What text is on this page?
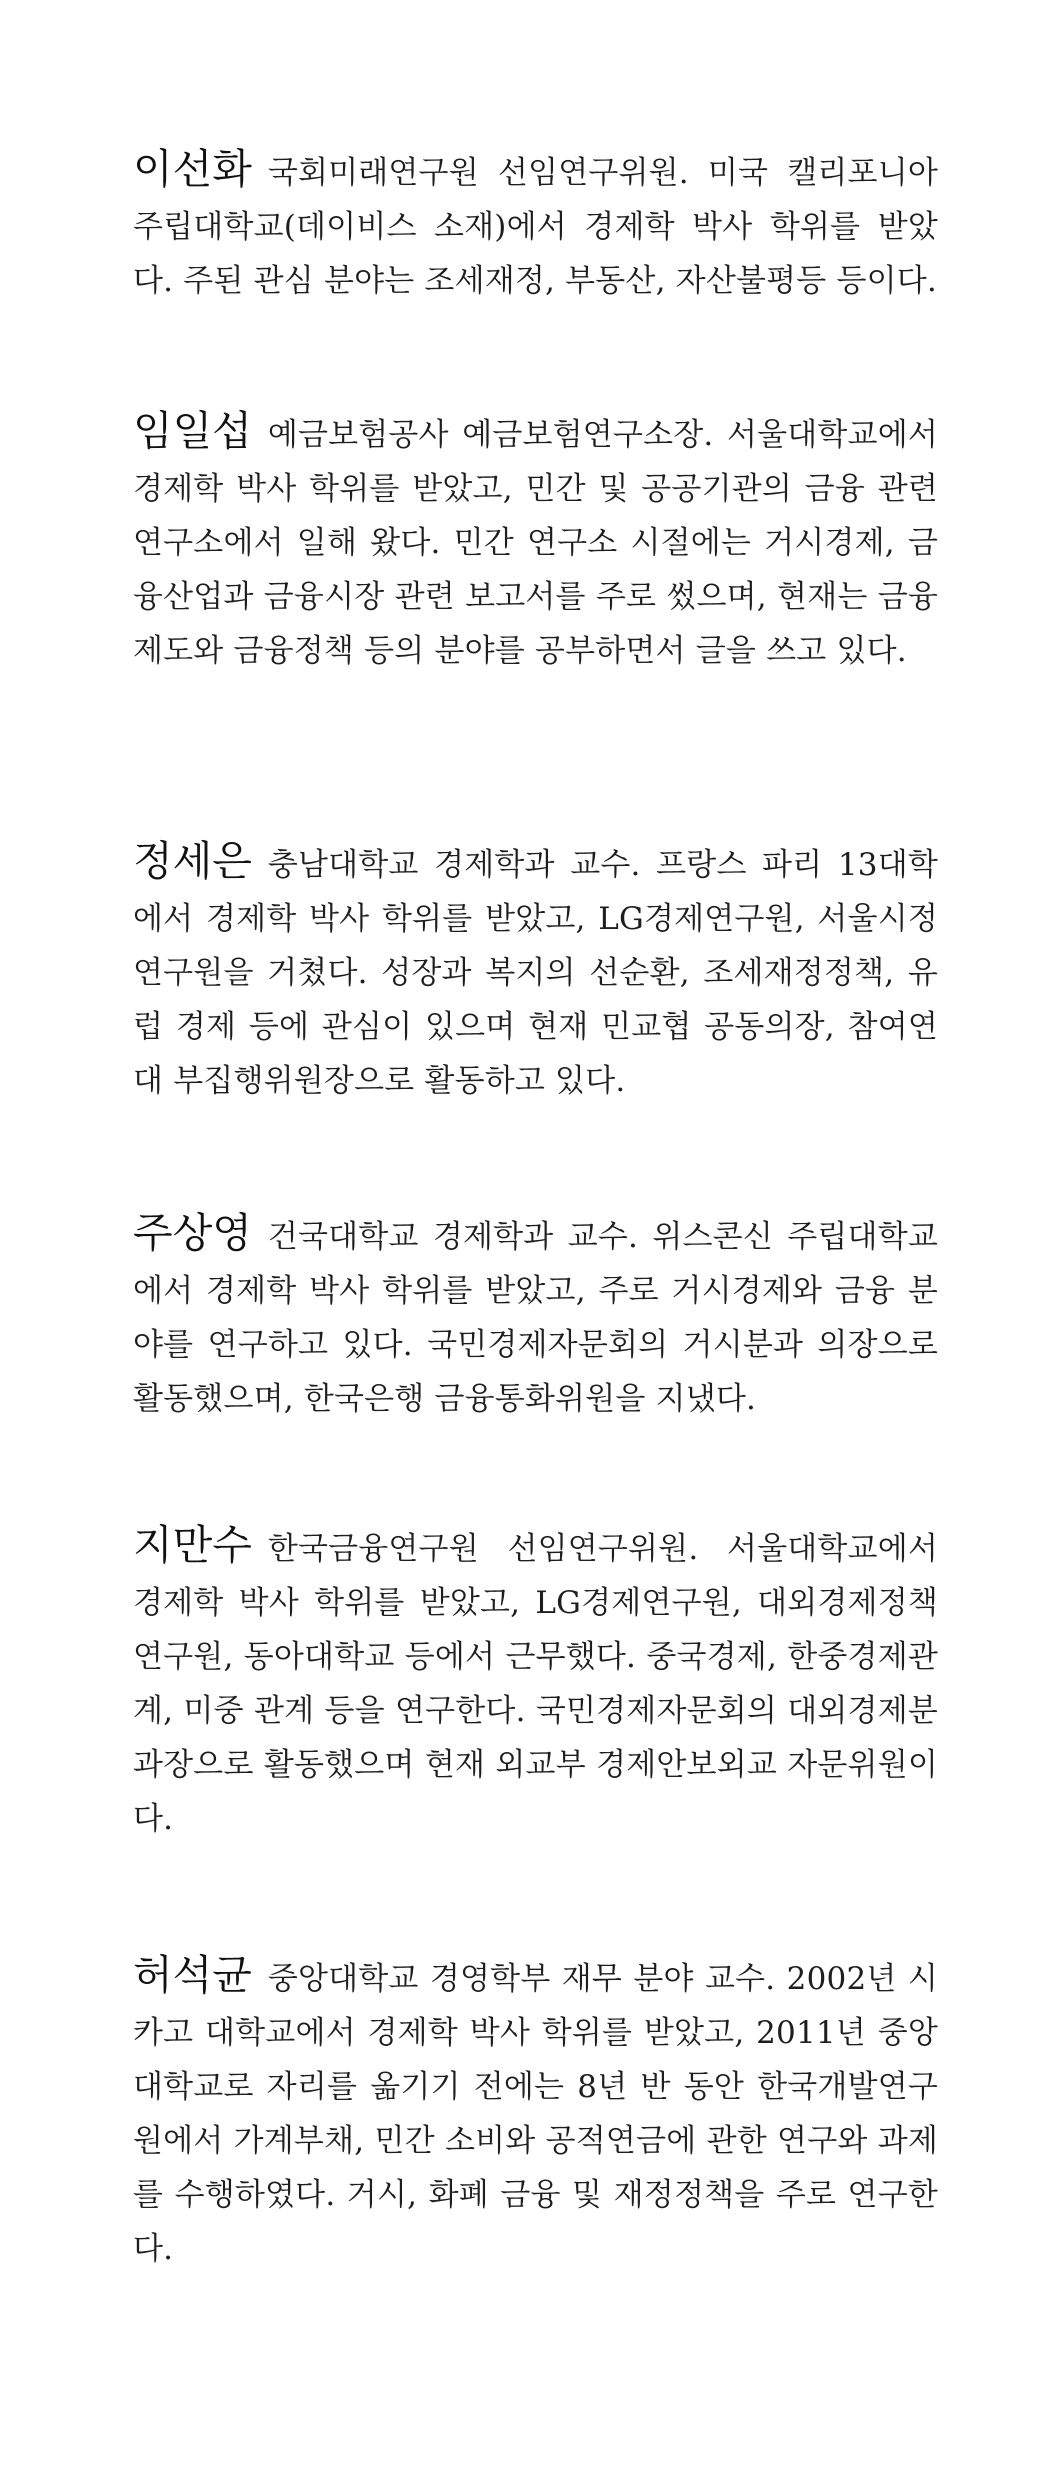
이선화 국회미래연구원 선임연구위원. 미국 캘리포니아 주립대학교(데이비스 소재)에서 경제학 박사 학위를 받았다. 주된 관심 분야는 조세재정, 부동산, 자산불평등 등이다.
임일섭 예금보험공사 예금보험연구소장. 서울대학교에서 경제학 박사 학위를 받았고, 민간 및 공공기관의 금융 관련 연구소에서 일해 왔다. 민간 연구소 시절에는 거시경제, 금융산업과 금융시장 관련 보고서를 주로 썼으며, 현재는 금융제도와 금융정책 등의 분야를 공부하면서 글을 쓰고 있다.
정세은 충남대학교 경제학과 교수. 프랑스 파리 13대학에서 경제학 박사 학위를 받았고, LG경제연구원, 서울시정연구원을 거쳤다. 성장과 복지의 선순환, 조세재정정책, 유럽 경제 등에 관심이 있으며 현재 민교협 공동의장, 참여연대 부집행위원장으로 활동하고 있다.
주상영 건국대학교 경제학과 교수. 위스콘신 주립대학교에서 경제학 박사 학위를 받았고, 주로 거시경제와 금융 분야를 연구하고 있다. 국민경제자문회의 거시분과 의장으로 활동했으며, 한국은행 금융통화위원을 지냈다.
지만수 한국금융연구원 선임연구위원. 서울대학교에서 경제학 박사 학위를 받았고, LG경제연구원, 대외경제정책연구원, 동아대학교 등에서 근무했다. 중국경제, 한중경제관계, 미중 관계 등을 연구한다. 국민경제자문회의 대외경제분과장으로 활동했으며 현재 외교부 경제안보외교 자문위원이다.
허석균 중앙대학교 경영학부 재무 분야 교수. 2002년 시카고 대학교에서 경제학 박사 학위를 받았고, 2011년 중앙대학교로 자리를 옮기기 전에는 8년 반 동안 한국개발연구원에서 가계부채, 민간 소비와 공적연금에 관한 연구와 과제를 수행하였다. 거시, 화폐 금융 및 재정정책을 주로 연구한다.
